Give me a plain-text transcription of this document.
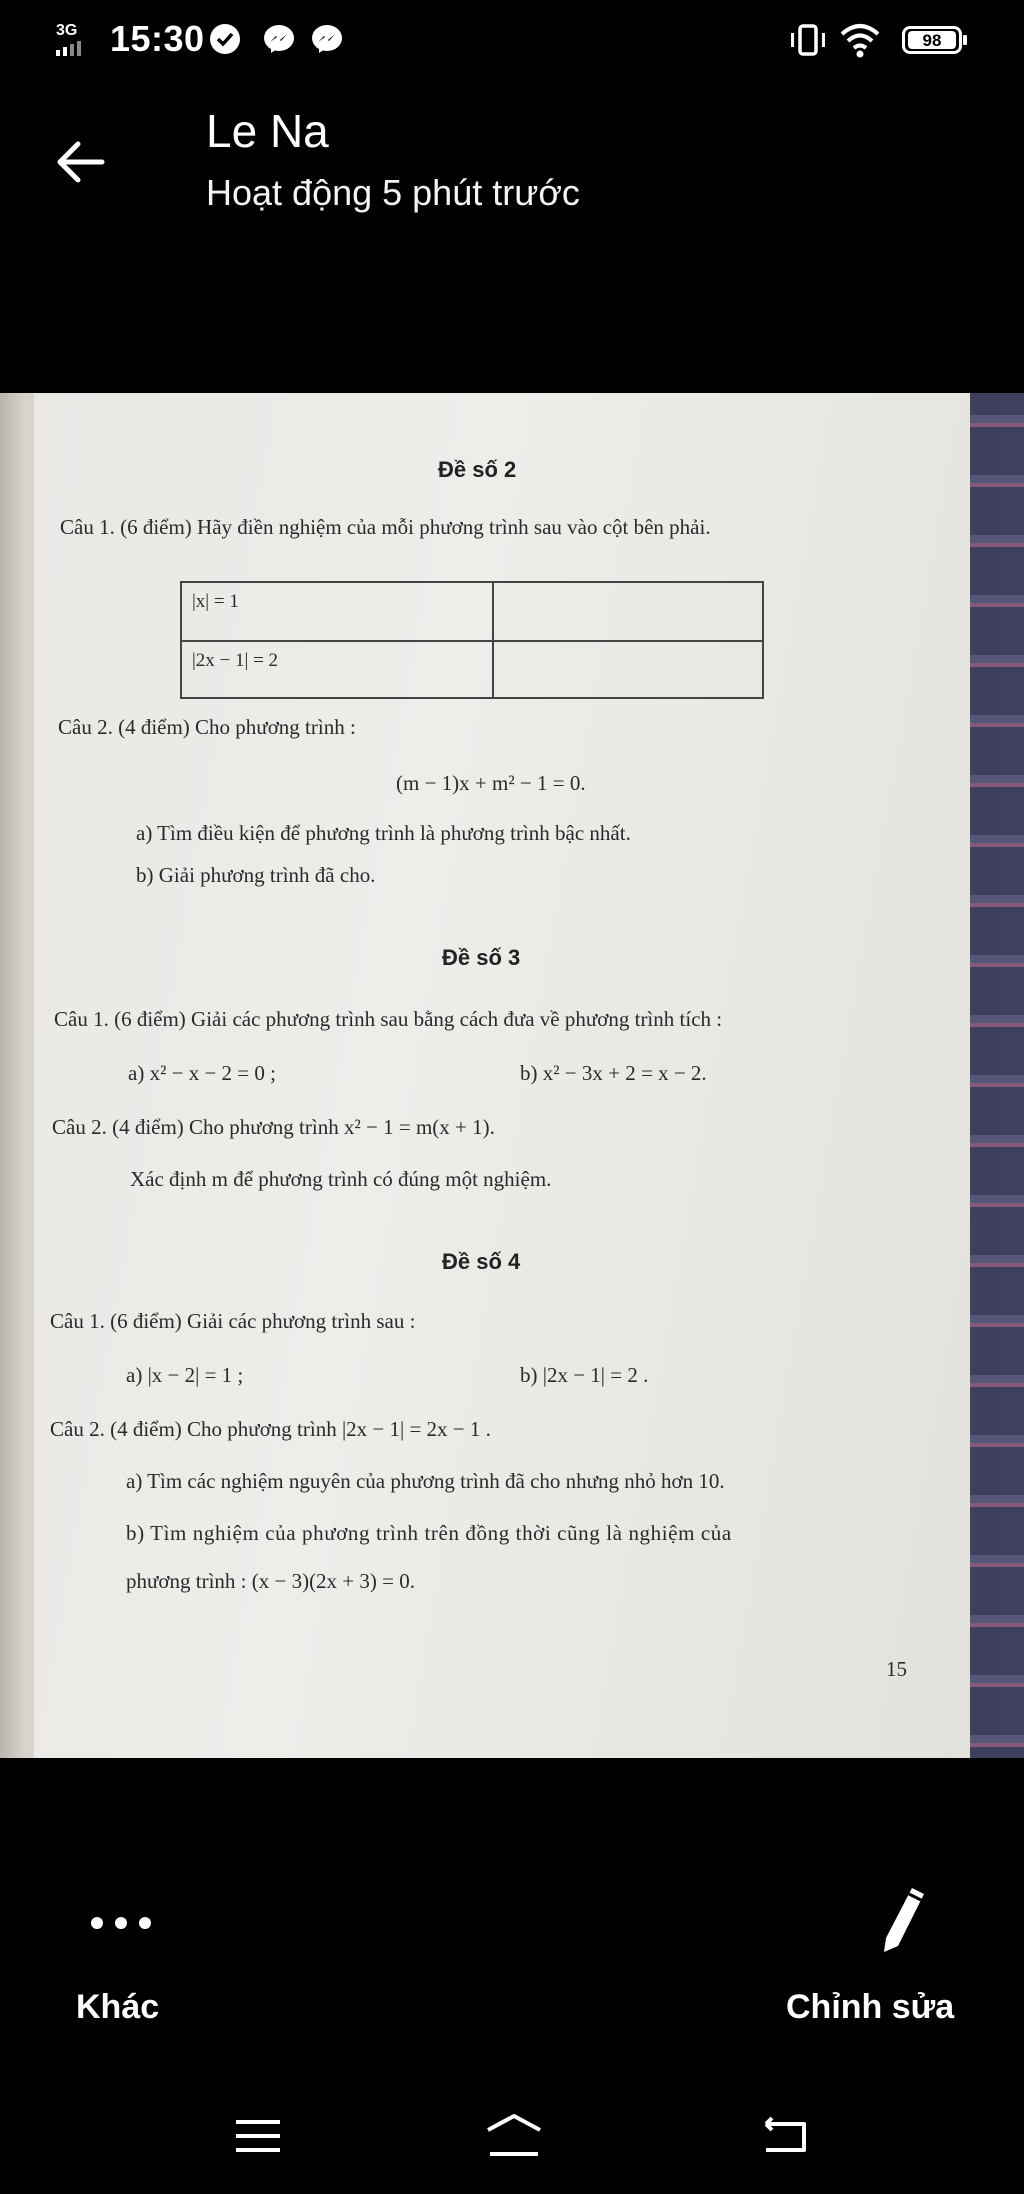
3G 15:30	98
Le Na
Hoạt động 5 phút trước
Đề số 2
Câu 1. (6 điểm) Hãy điền nghiệm của mỗi phương trình sau vào cột bên phải.
|x| = 1
|2x − 1| = 2
Câu 2. (4 điểm) Cho phương trình :
(m − 1)x + m² − 1 = 0.
a) Tìm điều kiện để phương trình là phương trình bậc nhất.
b) Giải phương trình đã cho.
Đề số 3
Câu 1. (6 điểm) Giải các phương trình sau bằng cách đưa về phương trình tích :
a) x² − x − 2 = 0 ;	b) x² − 3x + 2 = x − 2.
Câu 2. (4 điểm) Cho phương trình x² − 1 = m(x + 1).
Xác định m để phương trình có đúng một nghiệm.
Đề số 4
Câu 1. (6 điểm) Giải các phương trình sau :
a) |x − 2| = 1 ;	b) |2x − 1| = 2 .
Câu 2. (4 điểm) Cho phương trình |2x − 1| = 2x − 1 .
a) Tìm các nghiệm nguyên của phương trình đã cho nhưng nhỏ hơn 10.
b) Tìm nghiệm của phương trình trên đồng thời cũng là nghiệm của
phương trình : (x − 3)(2x + 3) = 0.
15
Khác	Chỉnh sửa
